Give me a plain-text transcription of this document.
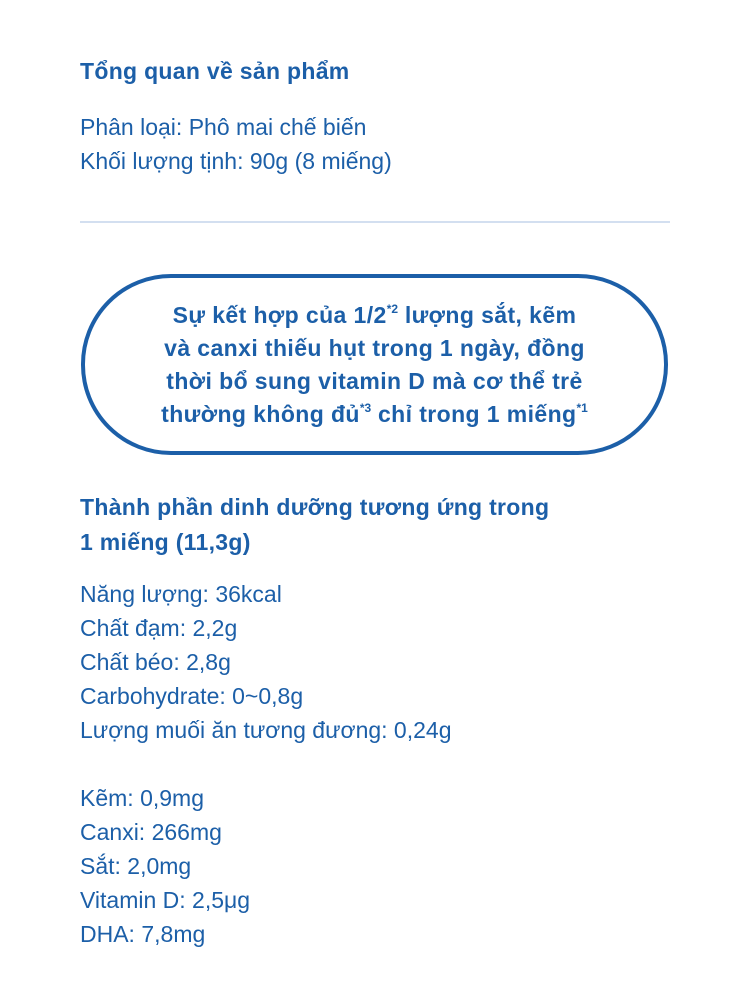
Tổng quan về sản phẩm
Phân loại: Phô mai chế biến
Khối lượng tịnh: 90g (8 miếng)
Sự kết hợp của 1/2$^{*2}$ lượng sắt, kẽm
và canxi thiếu hụt trong 1 ngày, đồng
thời bổ sung vitamin D mà cơ thể trẻ
thường không đủ$^{*3}$ chỉ trong 1 miếng$^{*1}$
Thành phần dinh dưỡng tương ứng trong
1 miếng (11,3g)
Năng lượng: 36kcal
Chất đạm: 2,2g
Chất béo: 2,8g
Carbohydrate: 0~0,8g
Lượng muối ăn tương đương: 0,24g
Kẽm: 0,9mg
Canxi: 266mg
Sắt: 2,0mg
Vitamin D: 2,5μg
DHA: 7,8mg
